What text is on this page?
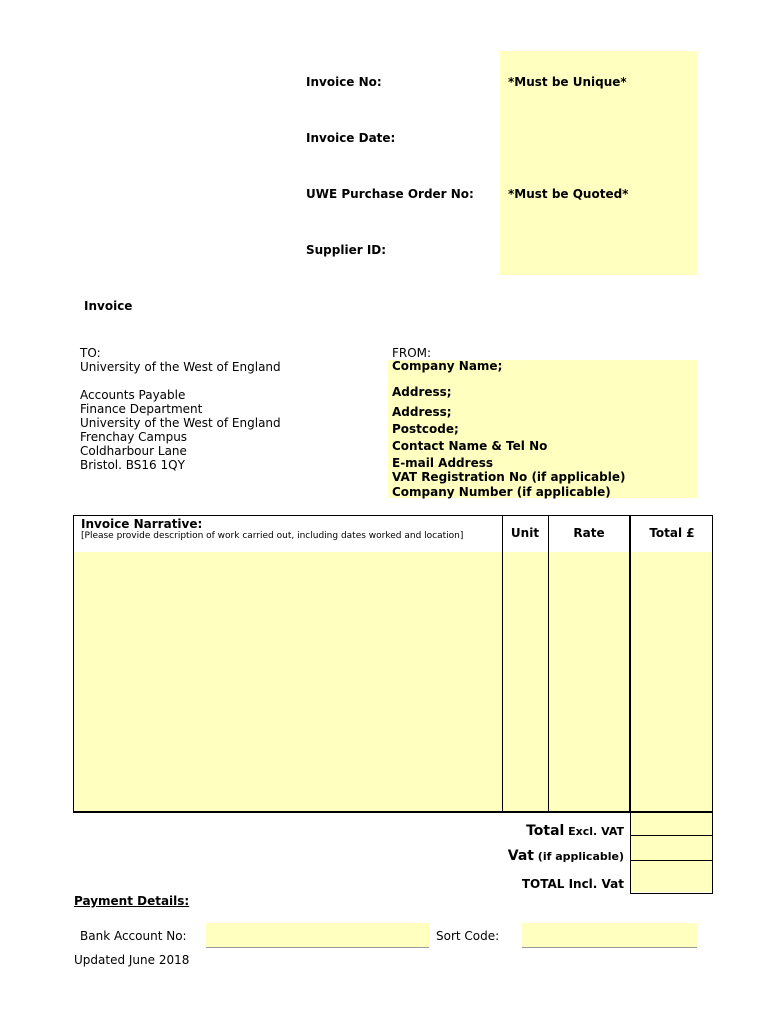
Invoice No:	*Must be Unique*
Invoice Date:
UWE Purchase Order No:	*Must be Quoted*
Supplier ID:
Invoice
TO:
University of the West of England
Accounts Payable
Finance Department
University of the West of England
Frenchay Campus
Coldharbour Lane
Bristol. BS16 1QY
FROM:
Company Name;
Address;
Address;
Postcode;
Contact Name & Tel No
E-mail Address
VAT Registration No (if applicable)
Company Number (if applicable)
Invoice Narrative:
[Please provide description of work carried out, including dates worked and location]	Unit	Rate	Total £
Total Excl. VAT
Vat (if applicable)
TOTAL Incl. Vat
Payment Details:
Bank Account No:	Sort Code:
Updated June 2018
